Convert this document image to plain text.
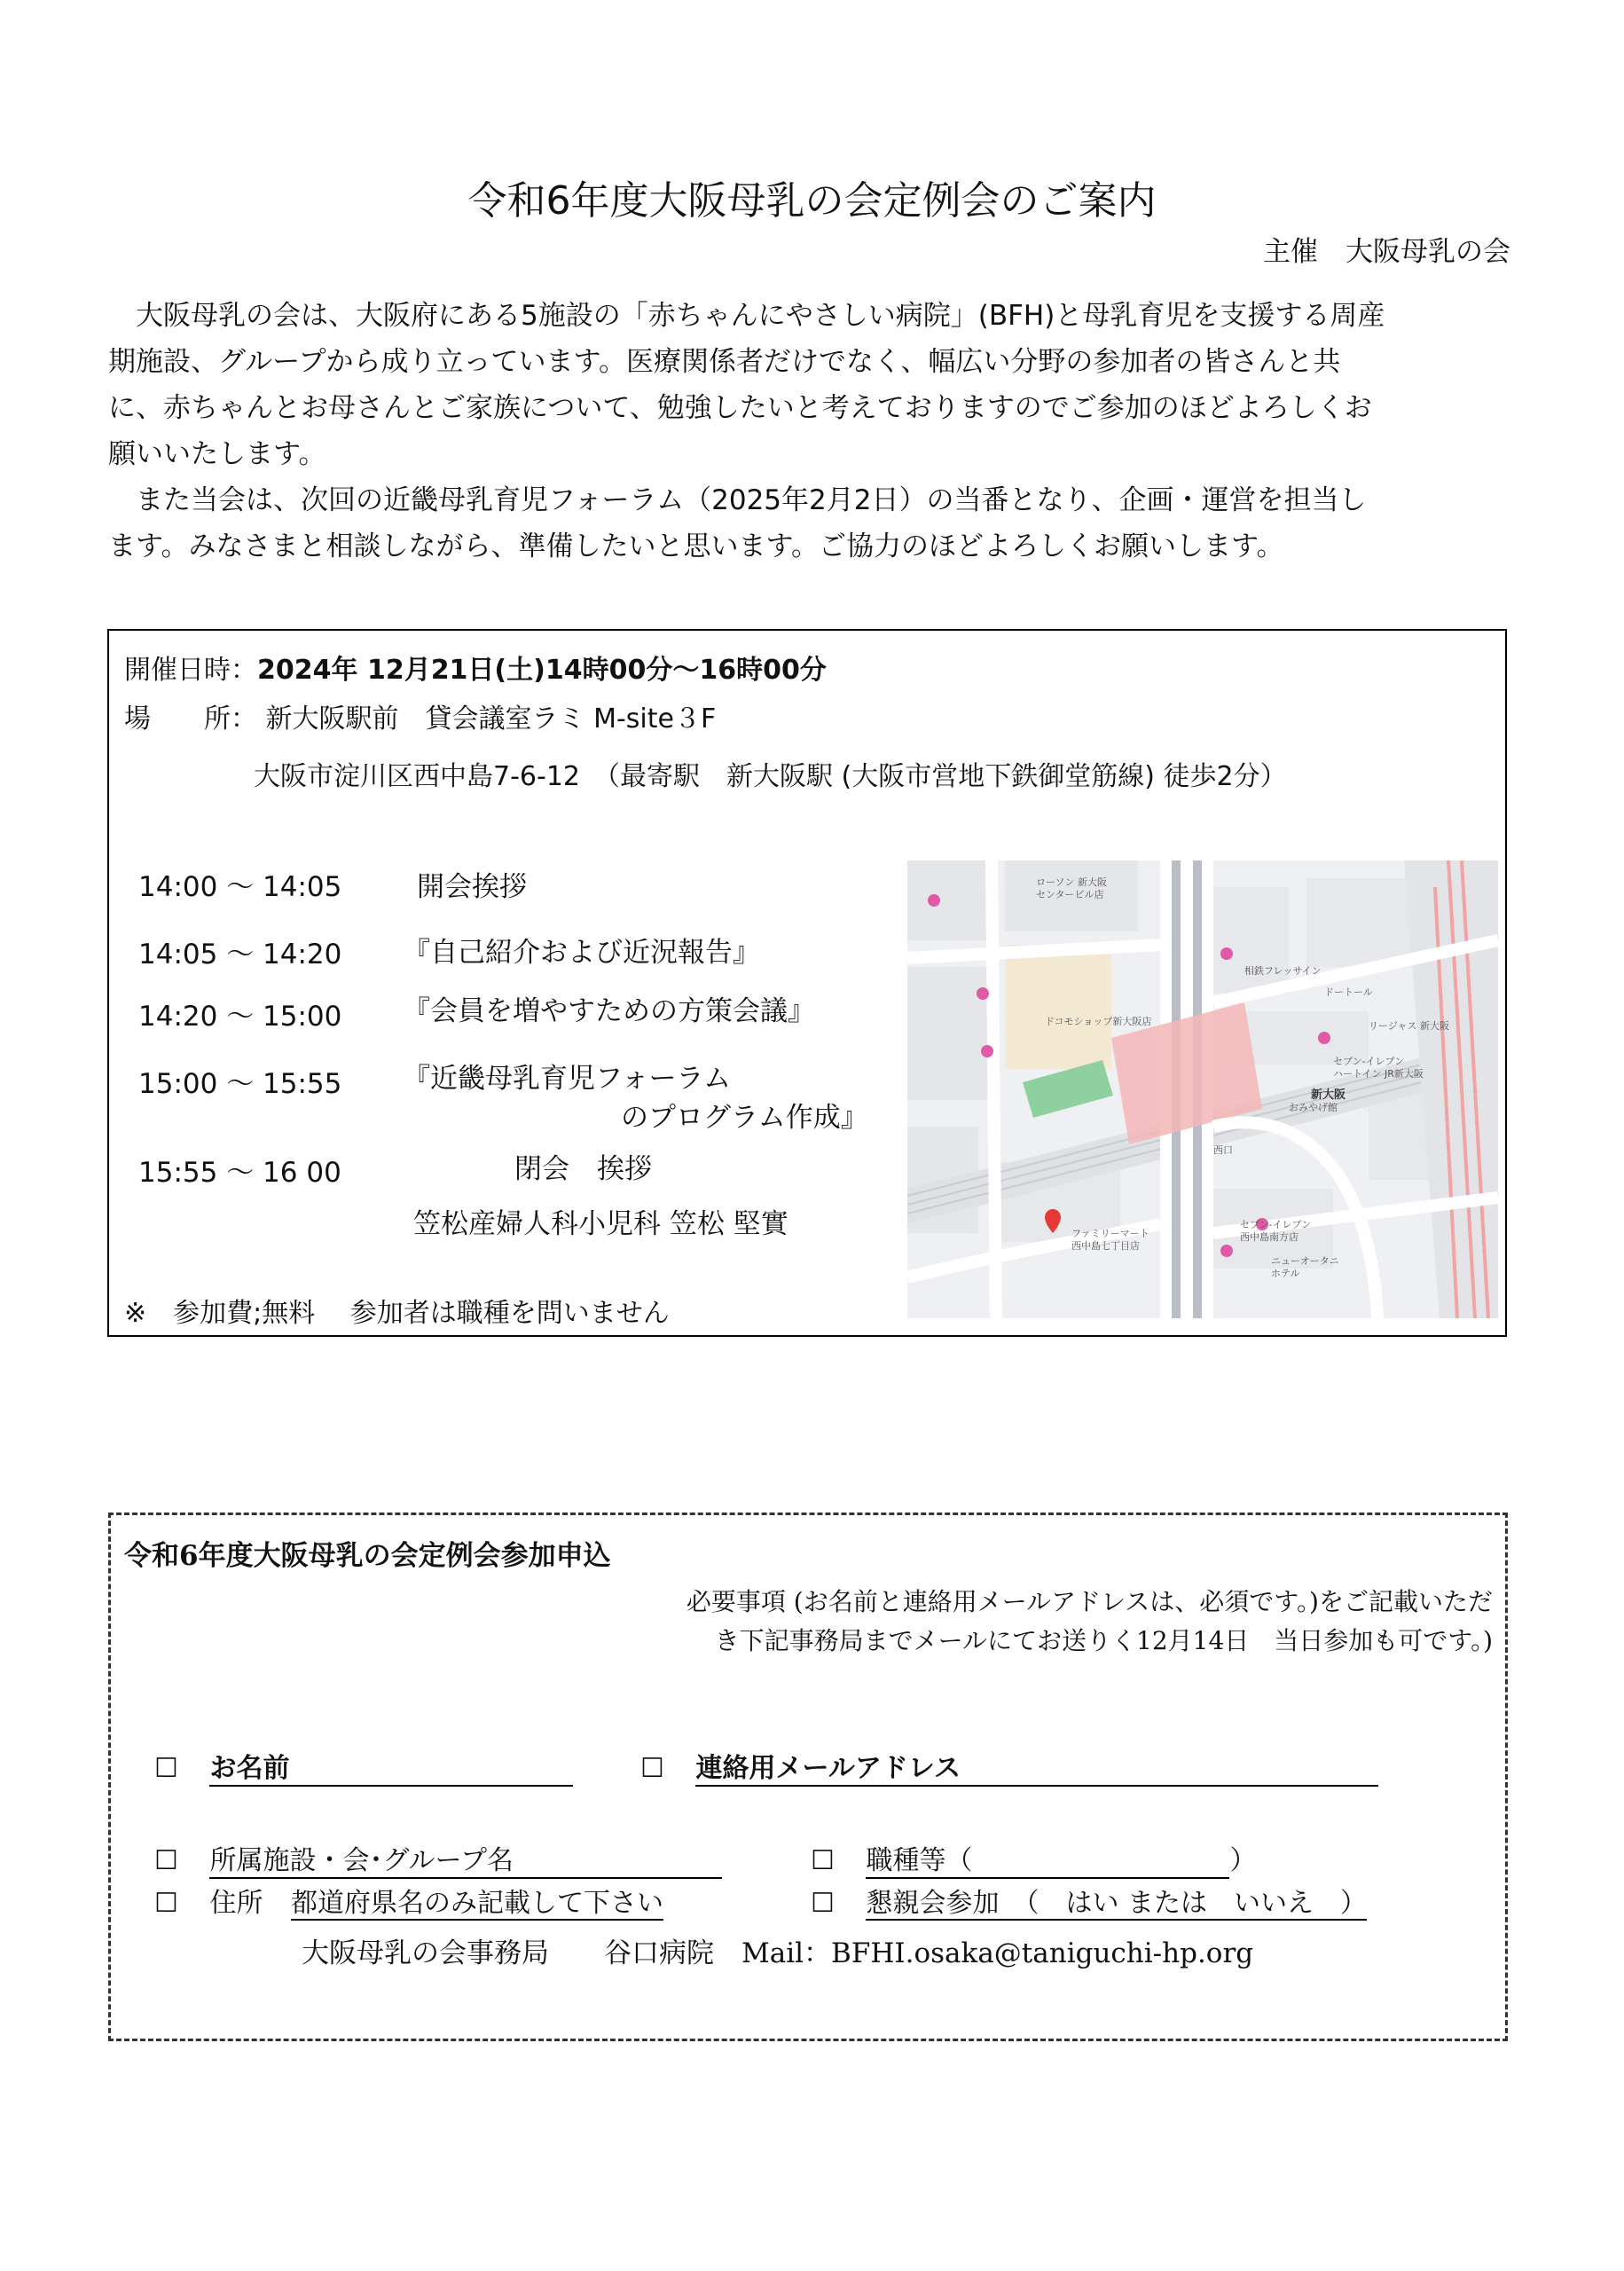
令和6年度大阪母乳の会定例会のご案内
主催　大阪母乳の会
大阪母乳の会は、大阪府にある5施設の「赤ちゃんにやさしい病院」(BFH)と母乳育児を支援する周産
期施設、グループから成り立っています。医療関係者だけでなく、幅広い分野の参加者の皆さんと共
に、赤ちゃんとお母さんとご家族について、勉強したいと考えておりますのでご参加のほどよろしくお
願いいたします。
また当会は、次回の近畿母乳育児フォーラム（2025年2月2日）の当番となり、企画・運営を担当し
ます。みなさまと相談しながら、準備したいと思います。ご協力のほどよろしくお願いします。
開催日時：2024年 12月21日(土)14時00分～16時00分
場　　所： 新大阪駅前　貸会議室ラミ M-site３F
大阪市淀川区西中島7-6-12　（最寄駅　新大阪駅 (大阪市営地下鉄御堂筋線) 徒歩2分）
14:00 ～ 14:05	開会挨拶
14:05 ～ 14:20 『自己紹介および近況報告』
14:20 ～ 15:00 『会員を増やすための方策会議』
15:00 ～ 15:55 『近畿母乳育児フォーラム
のプログラム作成』
15:55 ～ 16 00	閉会　挨拶
笠松産婦人科小児科 笠松 堅實
※　参加費;無料　 参加者は職種を問いません
ローソン 新大阪
センタービル店
相鉄フレッサイン
リージャス 新大阪
ドコモショップ新大阪店
セブン-イレブン
ハートイン JR新大阪
おみやげ館
ファミリーマート
西中島七丁目店
セブン-イレブン
西中島南方店
ニューオータニ
ホテル
西口
ドートール
新大阪
令和6年度大阪母乳の会定例会参加申込
必要事項 (お名前と連絡用メールアドレスは、必須です。)をご記載いただ
き下記事務局までメールにてお送りく12月14日　当日参加も可です。)
☐ お名前	☐ 連絡用メールアドレス
☐ 所属施設・会･グループ名	☐ 職種等（	）
☐ 住所 都道府県名のみ記載して下さい	☐ 懇親会参加　（　はい または　いいえ　）
大阪母乳の会事務局　　谷口病院　Mail：BFHI.osaka@taniguchi-hp.org
